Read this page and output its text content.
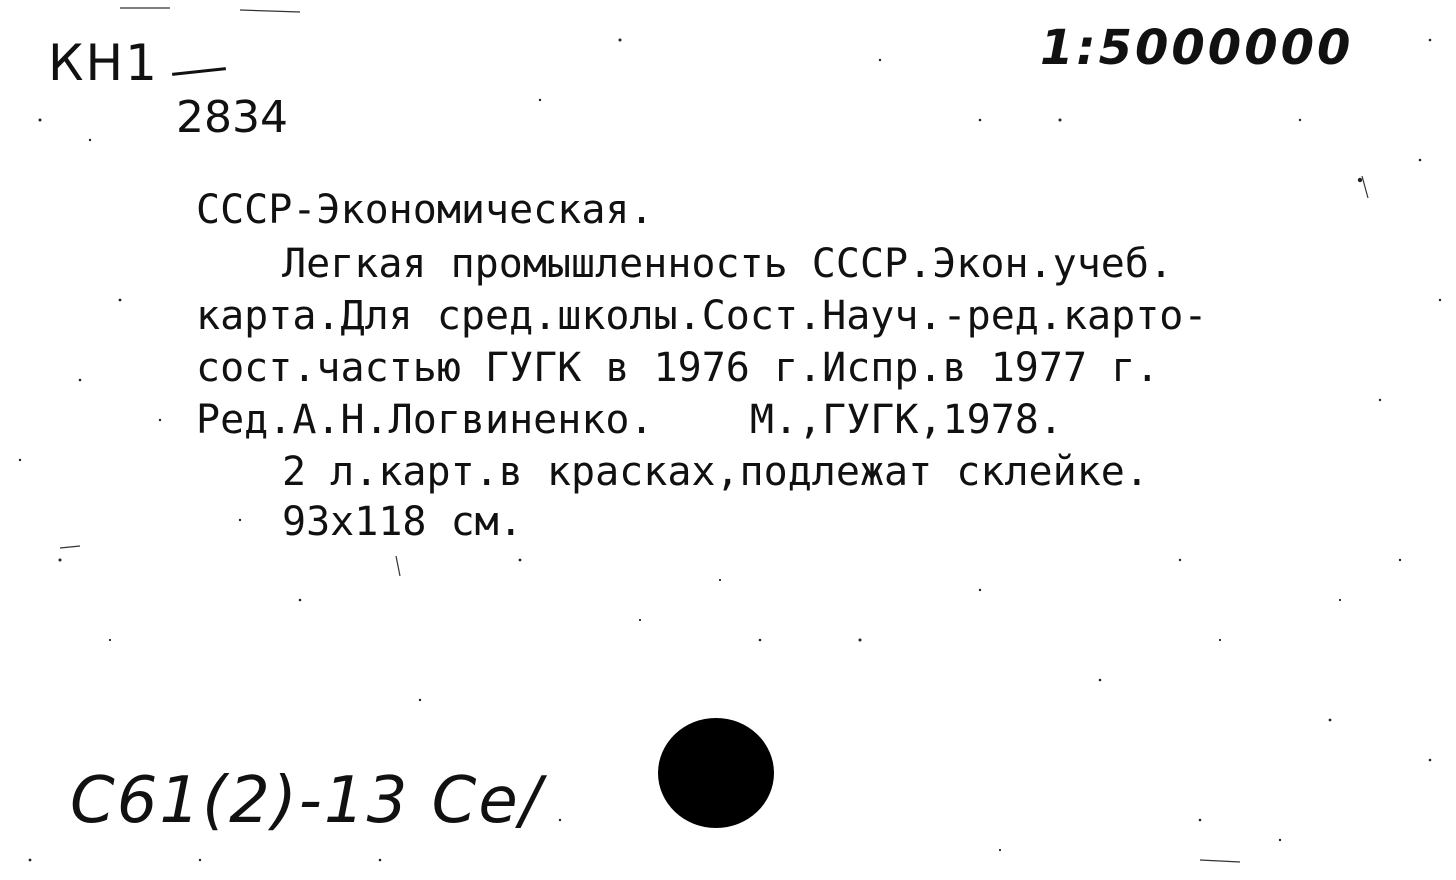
КН1
2834
1:5000000
СССР-Экономическая.
Легкая промышленность СССР.Экон.учеб.
карта.Для сред.школы.Сост.Науч.-ред.карто-
сост.частью ГУГК в 1976 г.Испр.в 1977 г.
Ред.А.Н.Логвиненко.    М.,ГУГК,1978.
2 л.карт.в красках,подлежат склейке.
93x118 см.
C61(2)-13 Ce/
